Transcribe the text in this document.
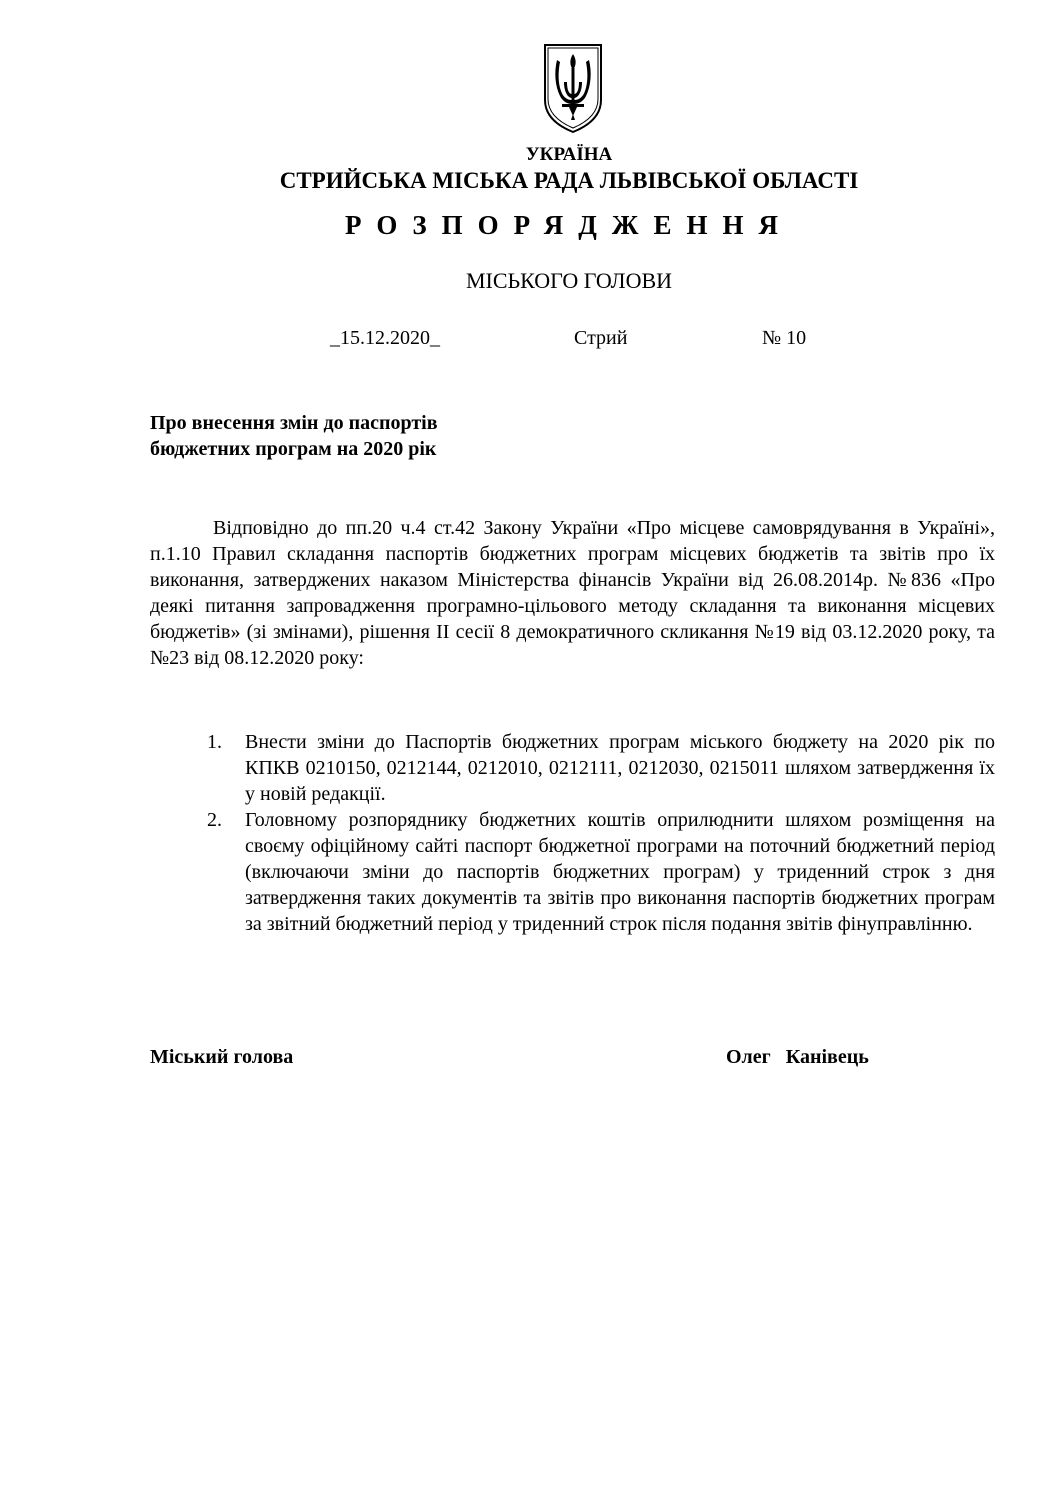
УКРАЇНА
СТРИЙСЬКА МІСЬКА РАДА ЛЬВІВСЬКОЇ ОБЛАСТІ
РОЗПОРЯДЖЕННЯ
МІСЬКОГО ГОЛОВИ
_15.12.2020_	Стрий	№ 10
Про внесення змін до паспортів
бюджетних програм на 2020 рік

Відповідно до пп.20 ч.4 ст.42 Закону України «Про місцеве самоврядування в Україні», п.1.10 Правил складання паспортів бюджетних програм місцевих бюджетів та звітів про їх виконання, затверджених наказом Міністерства фінансів України від 26.08.2014р. №836 «Про деякі питання запровадження програмно-цільового методу складання та виконання місцевих бюджетів» (зі змінами), рішення ІІ сесії 8 демократичного скликання №19 від 03.12.2020 року, та №23 від 08.12.2020 року:

1. Внести зміни до Паспортів бюджетних програм міського бюджету на 2020 рік по КПКВ 0210150, 0212144, 0212010, 0212111, 0212030, 0215011 шляхом затвердження їх у новій редакції.
2. Головному розпоряднику бюджетних коштів оприлюднити шляхом розміщення на своєму офіційному сайті паспорт бюджетної програми на поточний бюджетний період (включаючи зміни до паспортів бюджетних програм) у триденний строк з дня затвердження таких документів та звітів про виконання паспортів бюджетних програм за звітний бюджетний період у триденний строк після подання звітів фінуправлінню.
Міський голова	Олег   Канівець
